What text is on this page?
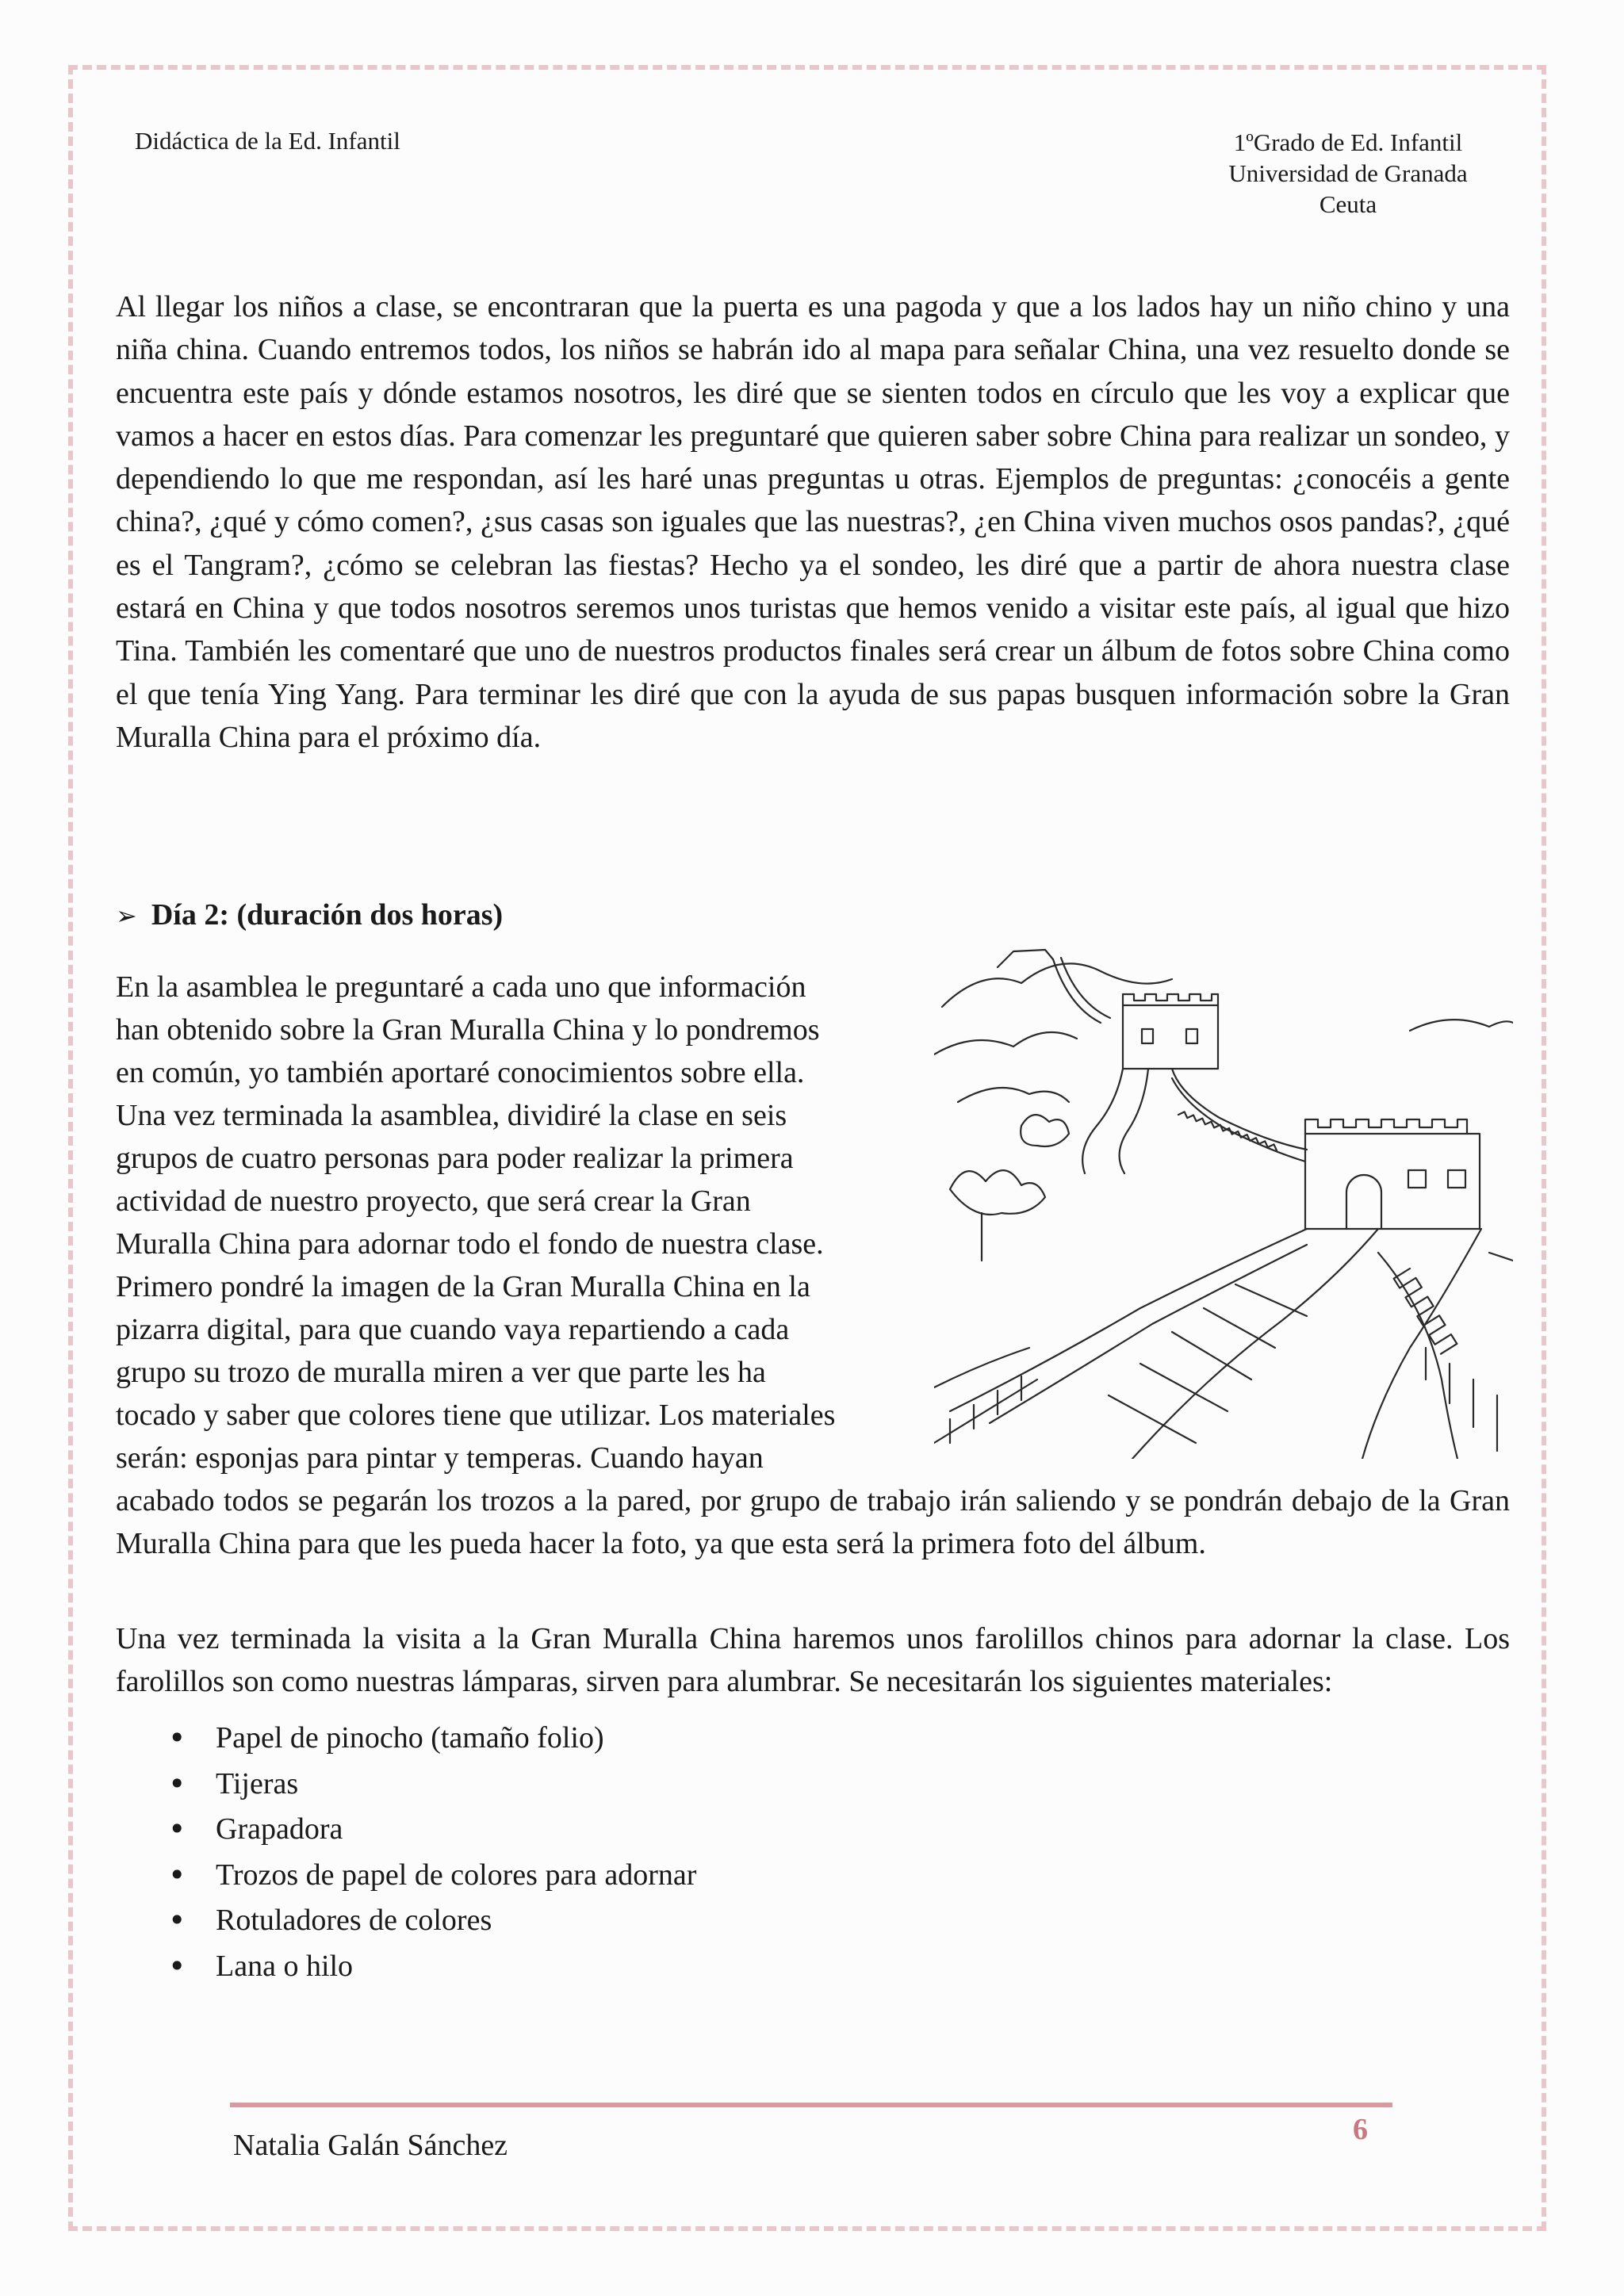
Didáctica de la Ed. Infantil	1ºGrado de Ed. Infantil
Universidad de Granada
Ceuta

Al llegar los niños a clase, se encontraran que la puerta es una pagoda y que a los lados hay un niño chino y una niña china. Cuando entremos todos, los niños se habrán ido al mapa para señalar China, una vez resuelto donde se encuentra este país y dónde estamos nosotros, les diré que se sienten todos en círculo que les voy a explicar que vamos a hacer en estos días. Para comenzar les preguntaré que quieren saber sobre China para realizar un sondeo, y dependiendo lo que me respondan, así les haré unas preguntas u otras. Ejemplos de preguntas: ¿conocéis a gente china?, ¿qué y cómo comen?, ¿sus casas son iguales que las nuestras?, ¿en China viven muchos osos pandas?, ¿qué es el Tangram?, ¿cómo se celebran las fiestas? Hecho ya el sondeo, les diré que a partir de ahora nuestra clase estará en China y que todos nosotros seremos unos turistas que hemos venido a visitar este país, al igual que hizo Tina. También les comentaré que uno de nuestros productos finales será crear un álbum de fotos sobre China como el que tenía Ying Yang. Para terminar les diré que con la ayuda de sus papas busquen información sobre la Gran Muralla China para el próximo día.

➢ Día 2: (duración dos horas)

En la asamblea le preguntaré a cada uno que información

han obtenido sobre la Gran Muralla China y lo pondremos

en común, yo también aportaré conocimientos sobre ella.

Una vez terminada la asamblea, dividiré la clase en seis

grupos de cuatro personas para poder realizar la primera

actividad de nuestro proyecto, que será crear la Gran

Muralla China para adornar todo el fondo de nuestra clase.

Primero pondré la imagen de la Gran Muralla China en la

pizarra digital, para que cuando vaya repartiendo a cada

grupo su trozo de muralla miren a ver que parte les ha

tocado y saber que colores tiene que utilizar. Los materiales

serán: esponjas para pintar y temperas. Cuando hayan

acabado todos se pegarán los trozos a la pared, por grupo de trabajo irán saliendo y se pondrán debajo de la Gran Muralla China para que les pueda hacer la foto, ya que esta será la primera foto del álbum.

Una vez terminada la visita a la Gran Muralla China haremos unos farolillos chinos para adornar la clase. Los farolillos son como nuestras lámparas, sirven para alumbrar. Se necesitarán los siguientes materiales:

• Papel de pinocho (tamaño folio)
• Tijeras
• Grapadora
• Trozos de papel de colores para adornar
• Rotuladores de colores
• Lana o hilo
Natalia Galán Sánchez	6
